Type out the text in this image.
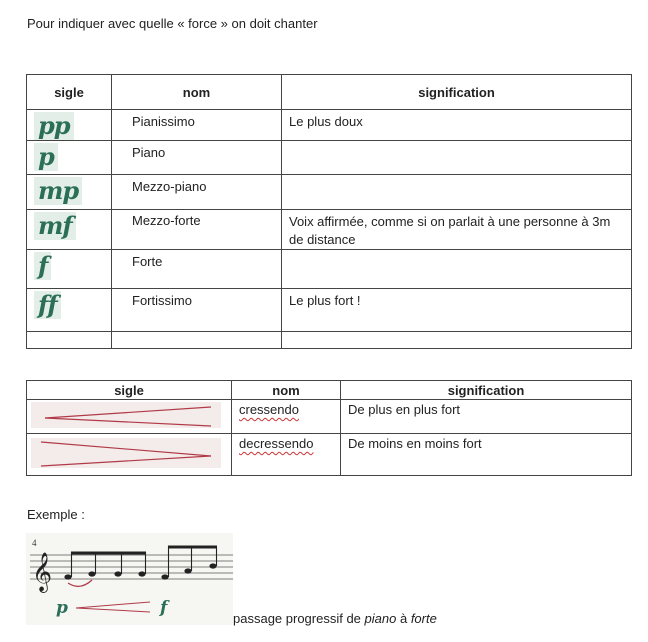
Pour indiquer avec quelle « force » on doit chanter
sigle	nom	signification
pp	Pianissimo	Le plus doux
p	Piano	
mp	Mezzo-piano	
mf	Mezzo-forte	Voix affirmée, comme si on parlait à une personne à 3m de distance
f	Forte	
ff	Fortissimo	Le plus fort !

sigle	nom	signification
	cressendo	De plus en plus fort
	decressendo	De moins en moins fort
Exemple :
4
𝄞
p	f
passage progressif de piano à forte
